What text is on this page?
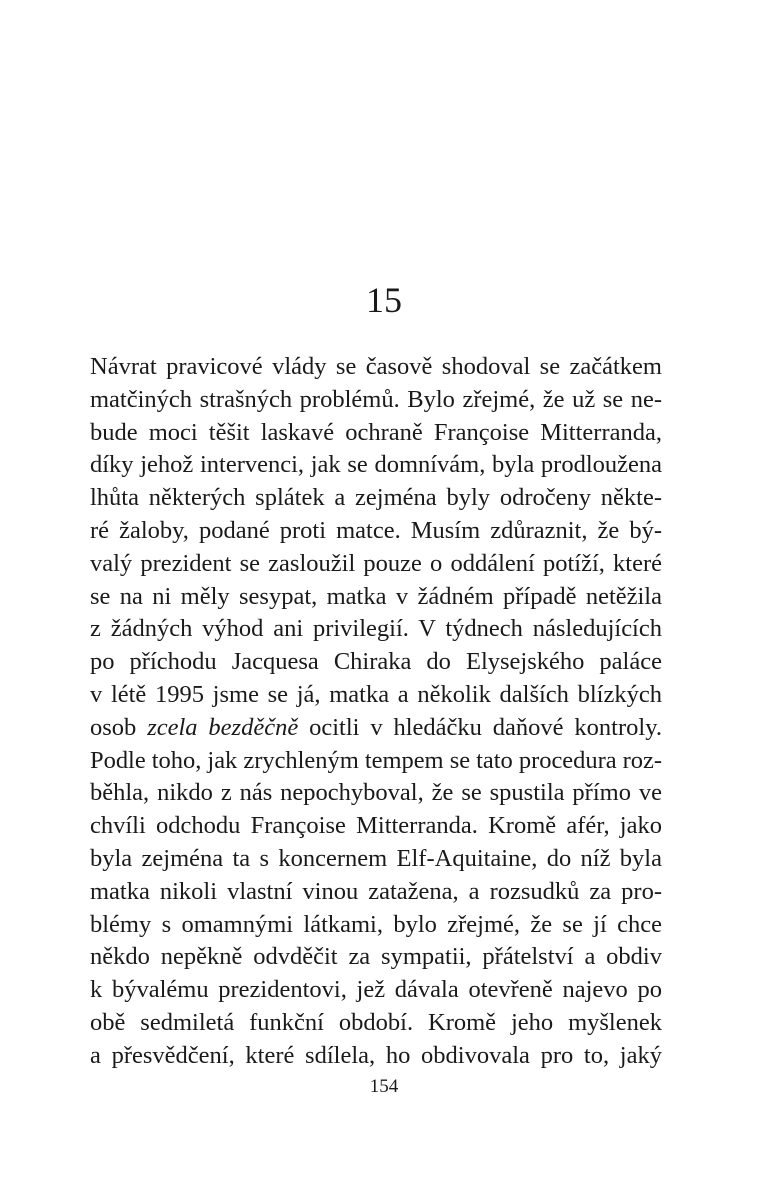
15
Návrat pravicové vlády se časově shodoval se začátkem
matčiných strašných problémů. Bylo zřejmé, že už se ne-
bude moci těšit laskavé ochraně Françoise Mitterranda,
díky jehož intervenci, jak se domnívám, byla prodloužena
lhůta některých splátek a zejména byly odročeny někte-
ré žaloby, podané proti matce. Musím zdůraznit, že bý-
valý prezident se zasloužil pouze o oddálení potíží, které
se na ni měly sesypat, matka v žádném případě netěžila
z žádných výhod ani privilegií. V týdnech následujících
po příchodu Jacquesa Chiraka do Elysejského paláce
v létě 1995 jsme se já, matka a několik dalších blízkých
osob zcela bezděčně ocitli v hledáčku daňové kontroly.
Podle toho, jak zrychleným tempem se tato procedura roz-
běhla, nikdo z nás nepochyboval, že se spustila přímo ve
chvíli odchodu Françoise Mitterranda. Kromě afér, jako
byla zejména ta s koncernem Elf-Aquitaine, do níž byla
matka nikoli vlastní vinou zatažena, a rozsudků za pro-
blémy s omamnými látkami, bylo zřejmé, že se jí chce
někdo nepěkně odvděčit za sympatii, přátelství a obdiv
k bývalému prezidentovi, jež dávala otevřeně najevo po
obě sedmiletá funkční období. Kromě jeho myšlenek
a přesvědčení, které sdílela, ho obdivovala pro to, jaký
154
